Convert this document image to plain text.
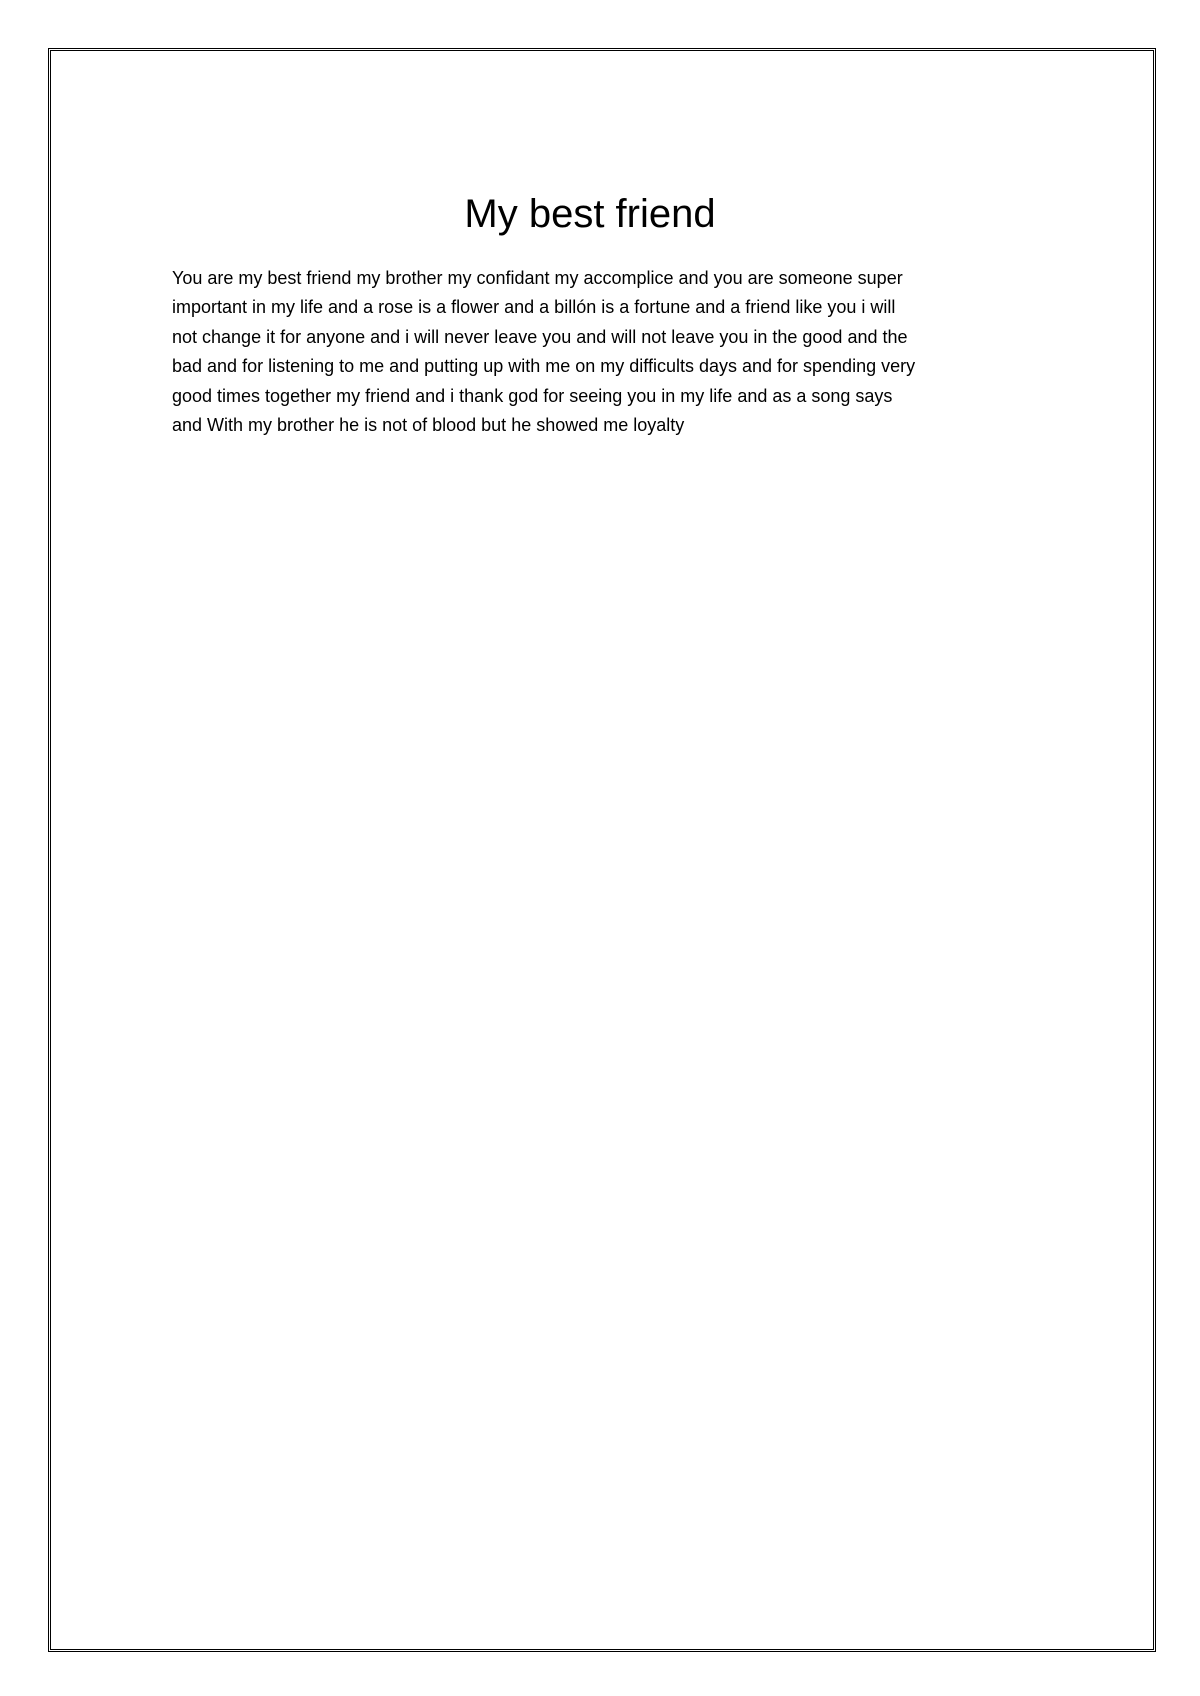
My best friend
You are my best friend my brother my confidant my accomplice and you are someone super
important in my life and a rose is a flower and a billón is a fortune and a friend like you i will
not change it for anyone and i will never leave you and will not leave you in the good and the
bad and for listening to me and putting up with me on my difficults days and for spending very
good times together my friend and i thank god for seeing you in my life and as a song says
and With my brother he is not of blood but he showed me loyalty
